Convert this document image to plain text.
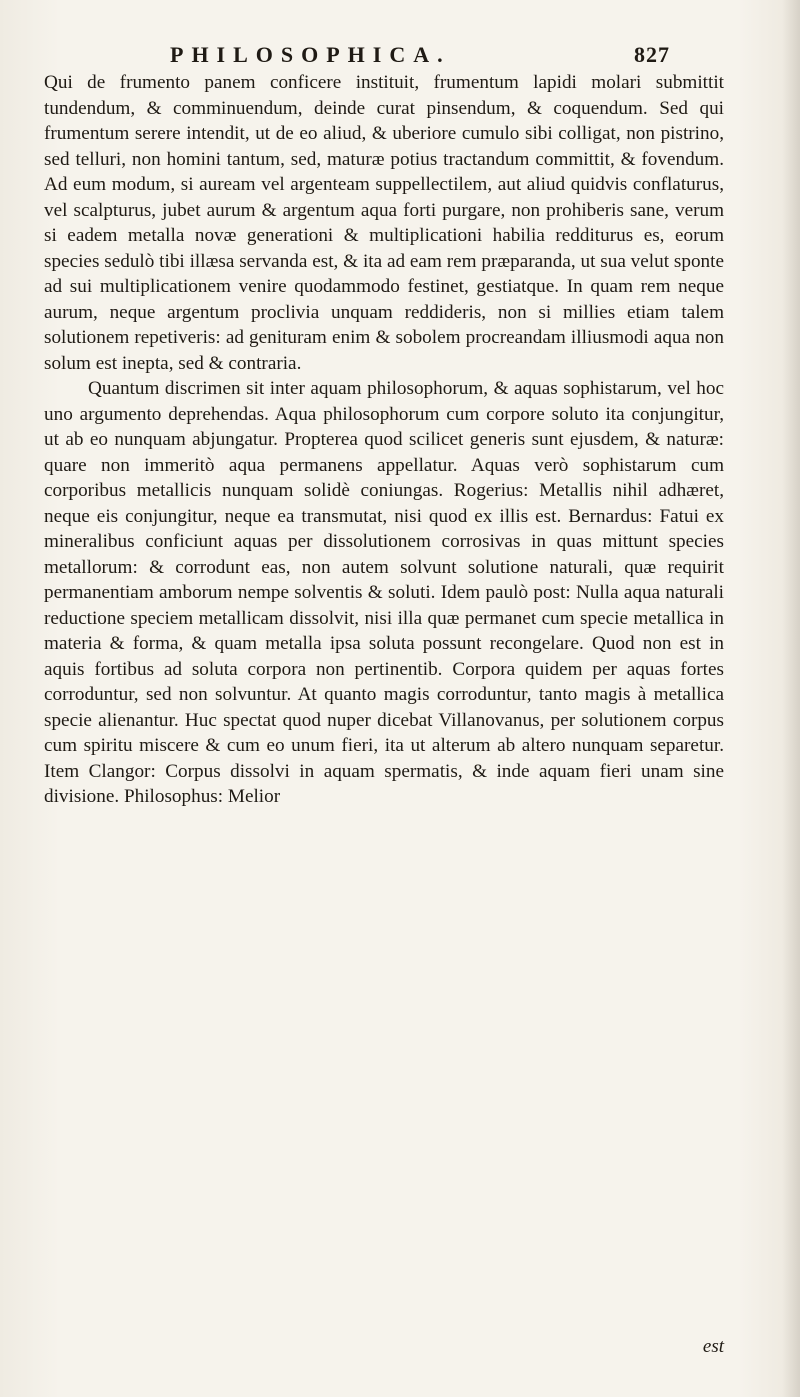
PHILOSOPHICA.	827

Qui de frumento panem conficere instituit, frumentum lapidi molari submittit tundendum, & comminuendum, deinde curat pinsendum, & coquendum. Sed qui frumentum serere intendit, ut de eo aliud, & uberiore cumulo sibi colligat, non pistrino, sed telluri, non homini tantum, sed, maturæ potius tractandum committit, & fovendum. Ad eum modum, si auream vel argenteam suppellectilem, aut aliud quidvis conflaturus, vel scalpturus, jubet aurum & argentum aqua forti purgare, non prohiberis sane, verum si eadem metalla novæ generationi & multiplicationi habilia redditurus es, eorum species sedulò tibi illæsa servanda est, & ita ad eam rem præparanda, ut sua velut sponte ad sui multiplicationem venire quodammodo festinet, gestiatque. In quam rem neque aurum, neque argentum proclivia unquam reddideris, non si millies etiam talem solutionem repetiveris: ad genituram enim & sobolem procreandam illiusmodi aqua non solum est inepta, sed & contraria.

Quantum discrimen sit inter aquam philosophorum, & aquas sophistarum, vel hoc uno argumento deprehendas. Aqua philosophorum cum corpore soluto ita conjungitur, ut ab eo nunquam abjungatur. Propterea quod scilicet generis sunt ejusdem, & naturæ: quare non immeritò aqua permanens appellatur. Aquas verò sophistarum cum corporibus metallicis nunquam solidè coniungas. Rogerius: Metallis nihil adhæret, neque eis conjungitur, neque ea transmutat, nisi quod ex illis est. Bernardus: Fatui ex mineralibus conficiunt aquas per dissolutionem corrosivas in quas mittunt species metallorum: & corrodunt eas, non autem solvunt solutione naturali, quæ requirit permanentiam amborum nempe solventis & soluti. Idem paulò post: Nulla aqua naturali reductione speciem metallicam dissolvit, nisi illa quæ permanet cum specie metallica in materia & forma, & quam metalla ipsa soluta possunt recongelare. Quod non est in aquis fortibus ad soluta corpora non pertinentib. Corpora quidem per aquas fortes corroduntur, sed non solvuntur. At quanto magis corroduntur, tanto magis à metallica specie alienantur. Huc spectat quod nuper dicebat Villanovanus, per solutionem corpus cum spiritu miscere & cum eo unum fieri, ita ut alterum ab altero nunquam separetur. Item Clangor: Corpus dissolvi in aquam spermatis, & inde aquam fieri unam sine divisione. Philosophus: Melior

est
